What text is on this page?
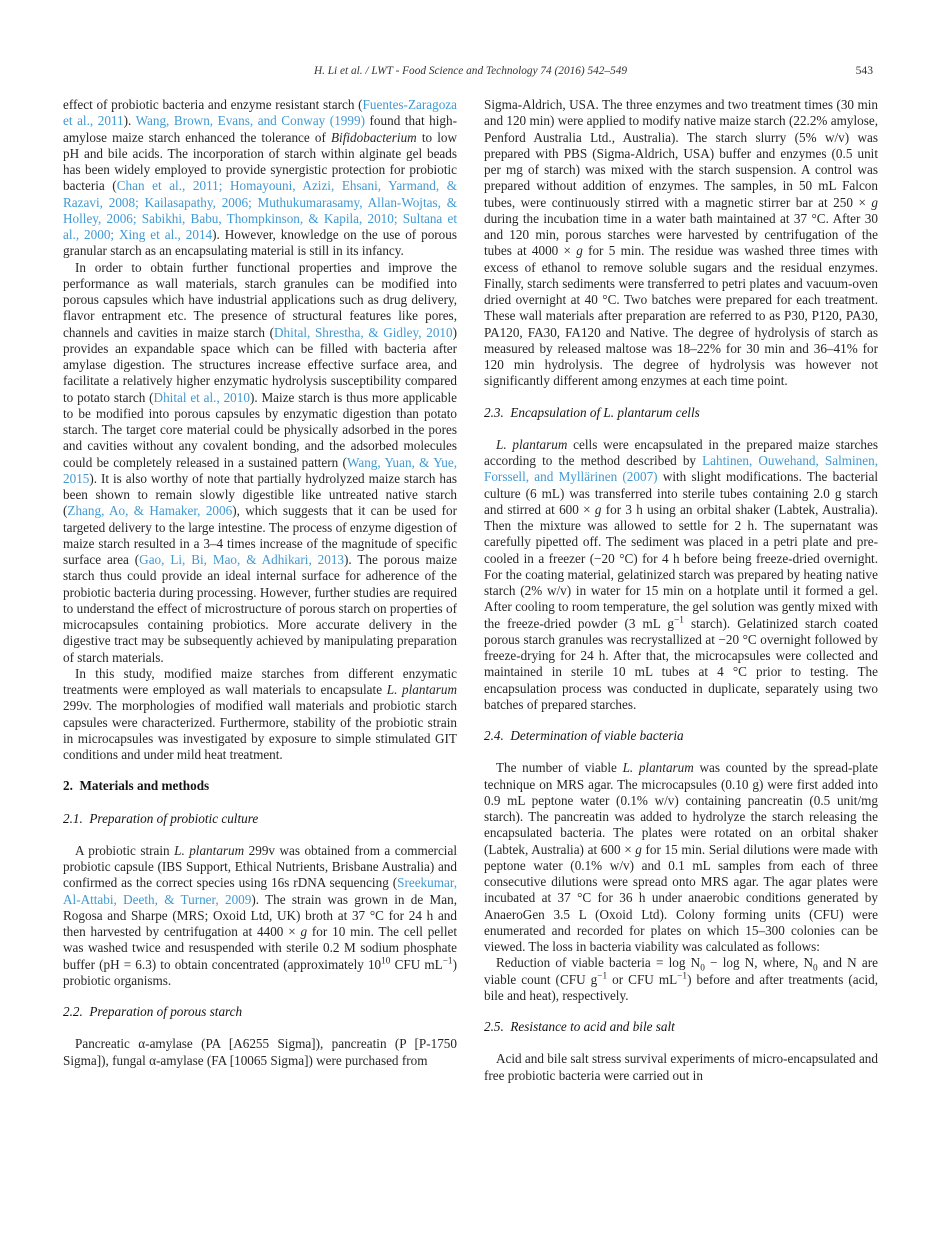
H. Li et al. / LWT - Food Science and Technology 74 (2016) 542–549	543

effect of probiotic bacteria and enzyme resistant starch (Fuentes-Zaragoza et al., 2011). Wang, Brown, Evans, and Conway (1999) found that high-amylose maize starch enhanced the tolerance of Bifidobacterium to low pH and bile acids. The incorporation of starch within alginate gel beads has been widely employed to provide synergistic protection for probiotic bacteria (Chan et al., 2011; Homayouni, Azizi, Ehsani, Yarmand, & Razavi, 2008; Kailasapathy, 2006; Muthukumarasamy, Allan-Wojtas, & Holley, 2006; Sabikhi, Babu, Thompkinson, & Kapila, 2010; Sultana et al., 2000; Xing et al., 2014). However, knowledge on the use of porous granular starch as an encapsulating material is still in its infancy.

In order to obtain further functional properties and improve the performance as wall materials, starch granules can be modified into porous capsules which have industrial applications such as drug delivery, flavor entrapment etc. The presence of structural features like pores, channels and cavities in maize starch (Dhital, Shrestha, & Gidley, 2010) provides an expandable space which can be filled with bacteria after amylase digestion. The structures increase effective surface area, and facilitate a relatively higher enzymatic hydrolysis susceptibility compared to potato starch (Dhital et al., 2010). Maize starch is thus more applicable to be modified into porous capsules by enzymatic digestion than potato starch. The target core material could be physically adsorbed in the pores and cavities without any covalent bonding, and the adsorbed molecules could be completely released in a sustained pattern (Wang, Yuan, & Yue, 2015). It is also worthy of note that partially hydrolyzed maize starch has been shown to remain slowly digestible like untreated native starch (Zhang, Ao, & Hamaker, 2006), which suggests that it can be used for targeted delivery to the large intestine. The process of enzyme digestion of maize starch resulted in a 3–4 times increase of the magnitude of specific surface area (Gao, Li, Bi, Mao, & Adhikari, 2013). The porous maize starch thus could provide an ideal internal surface for adherence of the probiotic bacteria during processing. However, further studies are required to understand the effect of microstructure of porous starch on properties of microcapsules containing probiotics. More accurate delivery in the digestive tract may be subsequently achieved by manipulating preparation of starch materials.

In this study, modified maize starches from different enzymatic treatments were employed as wall materials to encapsulate L. plantarum 299v. The morphologies of modified wall materials and probiotic starch capsules were characterized. Furthermore, stability of the probiotic strain in microcapsules was investigated by exposure to simple stimulated GIT conditions and under mild heat treatment.

2. Materials and methods
2.1. Preparation of probiotic culture

A probiotic strain L. plantarum 299v was obtained from a commercial probiotic capsule (IBS Support, Ethical Nutrients, Brisbane Australia) and confirmed as the correct species using 16s rDNA sequencing (Sreekumar, Al-Attabi, Deeth, & Turner, 2009). The strain was grown in de Man, Rogosa and Sharpe (MRS; Oxoid Ltd, UK) broth at 37 °C for 24 h and then harvested by centrifugation at 4400 × g for 10 min. The cell pellet was washed twice and resuspended with sterile 0.2 M sodium phosphate buffer (pH = 6.3) to obtain concentrated (approximately $10^{10}$ CFU $mL^{-1}$) probiotic organisms.

2.2. Preparation of porous starch

Pancreatic α-amylase (PA [A6255 Sigma]), pancreatin (P [P-1750 Sigma]), fungal α-amylase (FA [10065 Sigma]) were purchased from

Sigma-Aldrich, USA. The three enzymes and two treatment times (30 min and 120 min) were applied to modify native maize starch (22.2% amylose, Penford Australia Ltd., Australia). The starch slurry (5% w/v) was prepared with PBS (Sigma-Aldrich, USA) buffer and enzymes (0.5 unit per mg of starch) was mixed with the starch suspension. A control was prepared without addition of enzymes. The samples, in 50 mL Falcon tubes, were continuously stirred with a magnetic stirrer bar at 250 × g during the incubation time in a water bath maintained at 37 °C. After 30 and 120 min, porous starches were harvested by centrifugation of the tubes at 4000 × g for 5 min. The residue was washed three times with excess of ethanol to remove soluble sugars and the residual enzymes. Finally, starch sediments were transferred to petri plates and vacuum-oven dried overnight at 40 °C. Two batches were prepared for each treatment. These wall materials after preparation are referred to as P30, P120, PA30, PA120, FA30, FA120 and Native. The degree of hydrolysis of starch as measured by released maltose was 18–22% for 30 min and 36–41% for 120 min hydrolysis. The degree of hydrolysis was however not significantly different among enzymes at each time point.

2.3. Encapsulation of L. plantarum cells

L. plantarum cells were encapsulated in the prepared maize starches according to the method described by Lahtinen, Ouwehand, Salminen, Forssell, and Myllärinen (2007) with slight modifications. The bacterial culture (6 mL) was transferred into sterile tubes containing 2.0 g starch and stirred at 600 × g for 3 h using an orbital shaker (Labtek, Australia). Then the mixture was allowed to settle for 2 h. The supernatant was carefully pipetted off. The sediment was placed in a petri plate and pre-cooled in a freezer (−20 °C) for 4 h before being freeze-dried overnight. For the coating material, gelatinized starch was prepared by heating native starch (2% w/v) in water for 15 min on a hotplate until it formed a gel. After cooling to room temperature, the gel solution was gently mixed with the freeze-dried powder (3 mL $g^{-1}$ starch). Gelatinized starch coated porous starch granules was recrystallized at −20 °C overnight followed by freeze-drying for 24 h. After that, the microcapsules were collected and maintained in sterile 10 mL tubes at 4 °C prior to testing. The encapsulation process was conducted in duplicate, separately using two batches of prepared starches.

2.4. Determination of viable bacteria

The number of viable L. plantarum was counted by the spread-plate technique on MRS agar. The microcapsules (0.10 g) were first added into 0.9 mL peptone water (0.1% w/v) containing pancreatin (0.5 unit/mg starch). The pancreatin was added to hydrolyze the starch releasing the encapsulated bacteria. The plates were rotated on an orbital shaker (Labtek, Australia) at 600 × g for 15 min. Serial dilutions were made with peptone water (0.1% w/v) and 0.1 mL samples from each of three consecutive dilutions were spread onto MRS agar. The agar plates were incubated at 37 °C for 36 h under anaerobic conditions generated by AnaeroGen 3.5 L (Oxoid Ltd). Colony forming units (CFU) were enumerated and recorded for plates on which 15–300 colonies can be viewed. The loss in bacteria viability was calculated as follows:

Reduction of viable bacteria = $\log N_0 - \log N$, where, $N_0$ and N are viable count (CFU $g^{-1}$ or CFU $mL^{-1}$) before and after treatments (acid, bile and heat), respectively.

2.5. Resistance to acid and bile salt

Acid and bile salt stress survival experiments of micro-encapsulated and free probiotic bacteria were carried out in
